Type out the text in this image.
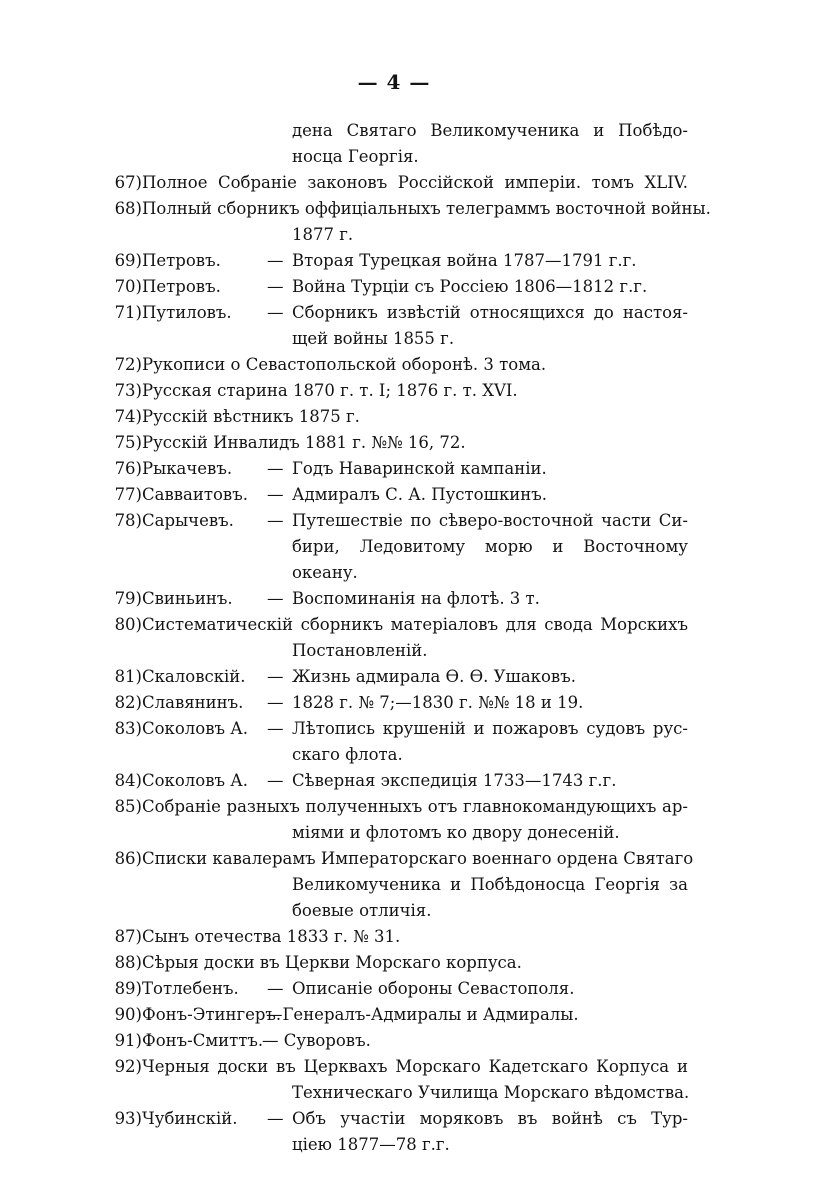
— 4 —
дена Святаго Великомученика и Побѣдо-
носца Георгія.
67) Полное Собраніе законовъ Россійской имперіи. томъ XLIV.
68) Полный сборникъ оффиціальныхъ телеграммъ восточной войны.
1877 г.
69) Петровъ.	— Вторая Турецкая война 1787—1791 г.г.
70) Петровъ.	— Война Турціи съ Россіею 1806—1812 г.г.
71) Путиловъ. — Сборникъ извѣстій относящихся до настоя-
щей войны 1855 г.
72) Рукописи о Севастопольской оборонѣ. 3 тома.
73) Русская старина 1870 г. т. I; 1876 г. т. XVI.
74) Русскій вѣстникъ 1875 г.
75) Русскій Инвалидъ 1881 г. №№ 16, 72.
76) Рыкачевъ. — Годъ Наваринской кампаніи.
77) Савваитовъ. — Адмиралъ С. А. Пустошкинъ.
78) Сарычевъ. — Путешествіе по сѣверо-восточной части Си-
бири, Ледовитому морю и Восточному
океану.
79) Свиньинъ. — Воспоминанія на флотѣ. 3 т.
80) Систематическій сборникъ матеріаловъ для свода Морскихъ
Постановленій.
81) Скаловскій. — Жизнь адмирала Ѳ. Ѳ. Ушаковъ.
82) Славянинъ. — 1828 г. № 7;—1830 г. №№ 18 и 19.
83) Соколовъ А. — Лѣтопись крушеній и пожаровъ судовъ рус-
скаго флота.
84) Соколовъ А. — Сѣверная экспедиція 1733—1743 г.г.
85) Собраніе разныхъ полученныхъ отъ главнокомандующихъ ар-
міями и флотомъ ко двору донесеній.
86) Списки кавалерамъ Императорскаго военнаго ордена Святаго
Великомученика и Побѣдоносца Георгія за
боевые отличія.
87) Сынъ отечества 1833 г. № 31.
88) Сѣрыя доски въ Церкви Морскаго корпуса.
89) Тотлебенъ. — Описаніе обороны Севастополя.
90) Фонъ-Этингеръ.
—Генералъ-Адмиралы и Адмиралы.
91) Фонъ-Смиттъ.
— Суворовъ.
92) Черныя доски въ Церквахъ Морскаго Кадетскаго Корпуса и
Техническаго Училища Морскаго вѣдомства.
93) Чубинскій. — Объ участіи моряковъ въ войнѣ съ Тур-
ціею 1877—78 г.г.
